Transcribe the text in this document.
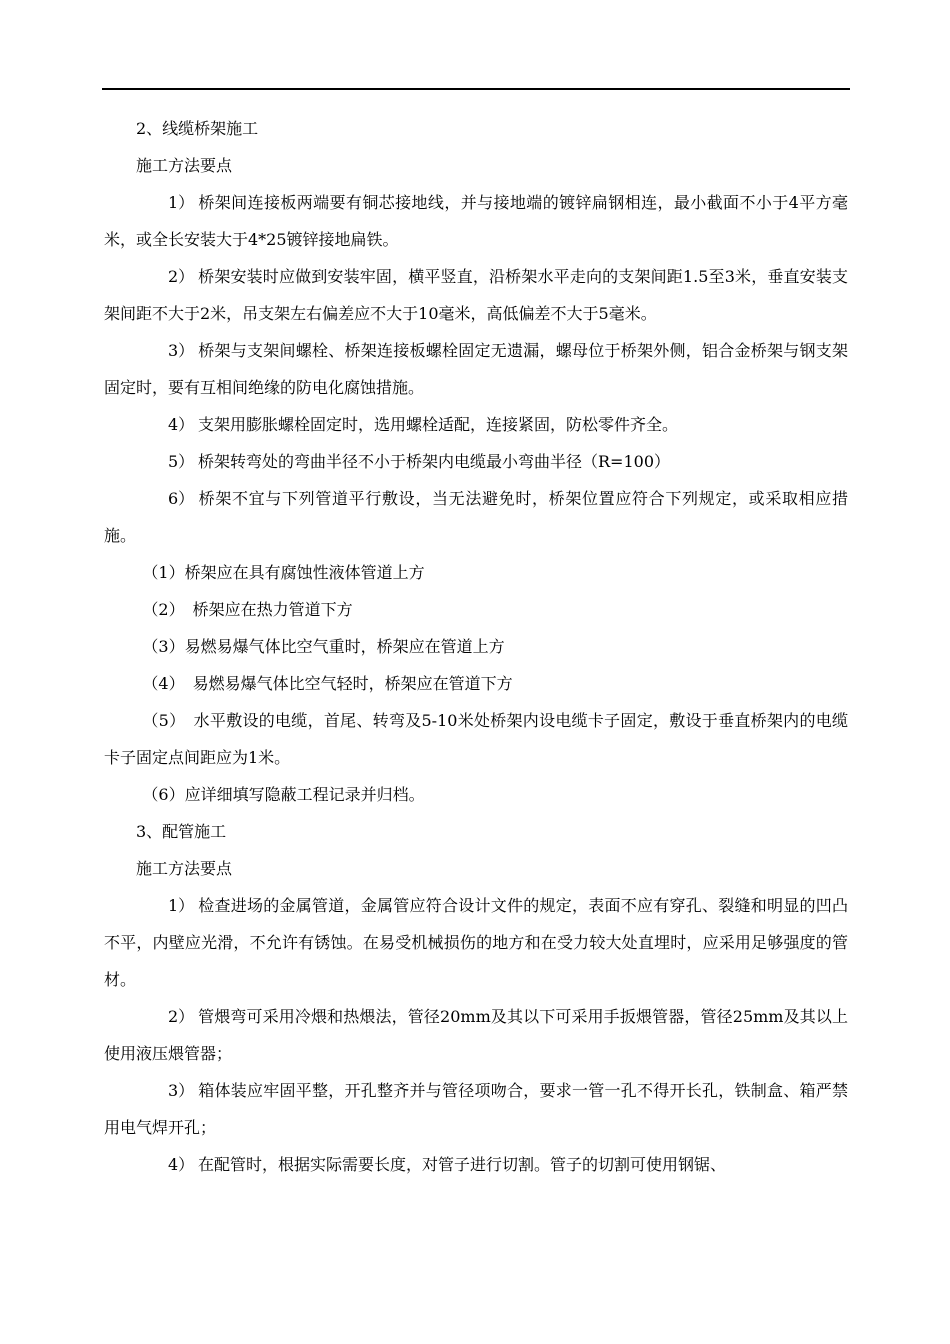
2、线缆桥架施工

施工方法要点

1） 桥架间连接板两端要有铜芯接地线，并与接地端的镀锌扁钢相连，最小截面不小于4平方毫米，或全长安装大于4*25镀锌接地扁铁。

2） 桥架安装时应做到安装牢固，横平竖直，沿桥架水平走向的支架间距1.5至3米，垂直安装支架间距不大于2米，吊支架左右偏差应不大于10毫米，高低偏差不大于5毫米。

3） 桥架与支架间螺栓、桥架连接板螺栓固定无遗漏，螺母位于桥架外侧，铝合金桥架与钢支架固定时，要有互相间绝缘的防电化腐蚀措施。

4） 支架用膨胀螺栓固定时，选用螺栓适配，连接紧固，防松零件齐全。

5） 桥架转弯处的弯曲半径不小于桥架内电缆最小弯曲半径（R=100）

6） 桥架不宜与下列管道平行敷设，当无法避免时，桥架位置应符合下列规定，或采取相应措施。

（1）桥架应在具有腐蚀性液体管道上方

（2）　桥架应在热力管道下方

（3）易燃易爆气体比空气重时，桥架应在管道上方

（4）　易燃易爆气体比空气轻时，桥架应在管道下方

（5）　水平敷设的电缆，首尾、转弯及5-10米处桥架内设电缆卡子固定，敷设于垂直桥架内的电缆卡子固定点间距应为1米。

（6）应详细填写隐蔽工程记录并归档。

3、配管施工

施工方法要点

1） 检查进场的金属管道，金属管应符合设计文件的规定，表面不应有穿孔、裂缝和明显的凹凸不平，内壁应光滑，不允许有锈蚀。在易受机械损伤的地方和在受力较大处直埋时，应采用足够强度的管材。

2） 管煨弯可采用冷煨和热煨法，管径20mm及其以下可采用手扳煨管器，管径25mm及其以上使用液压煨管器；

3） 箱体装应牢固平整，开孔整齐并与管径项吻合，要求一管一孔不得开长孔，铁制盒、箱严禁用电气焊开孔；

4） 在配管时，根据实际需要长度，对管子进行切割。管子的切割可使用钢锯、
